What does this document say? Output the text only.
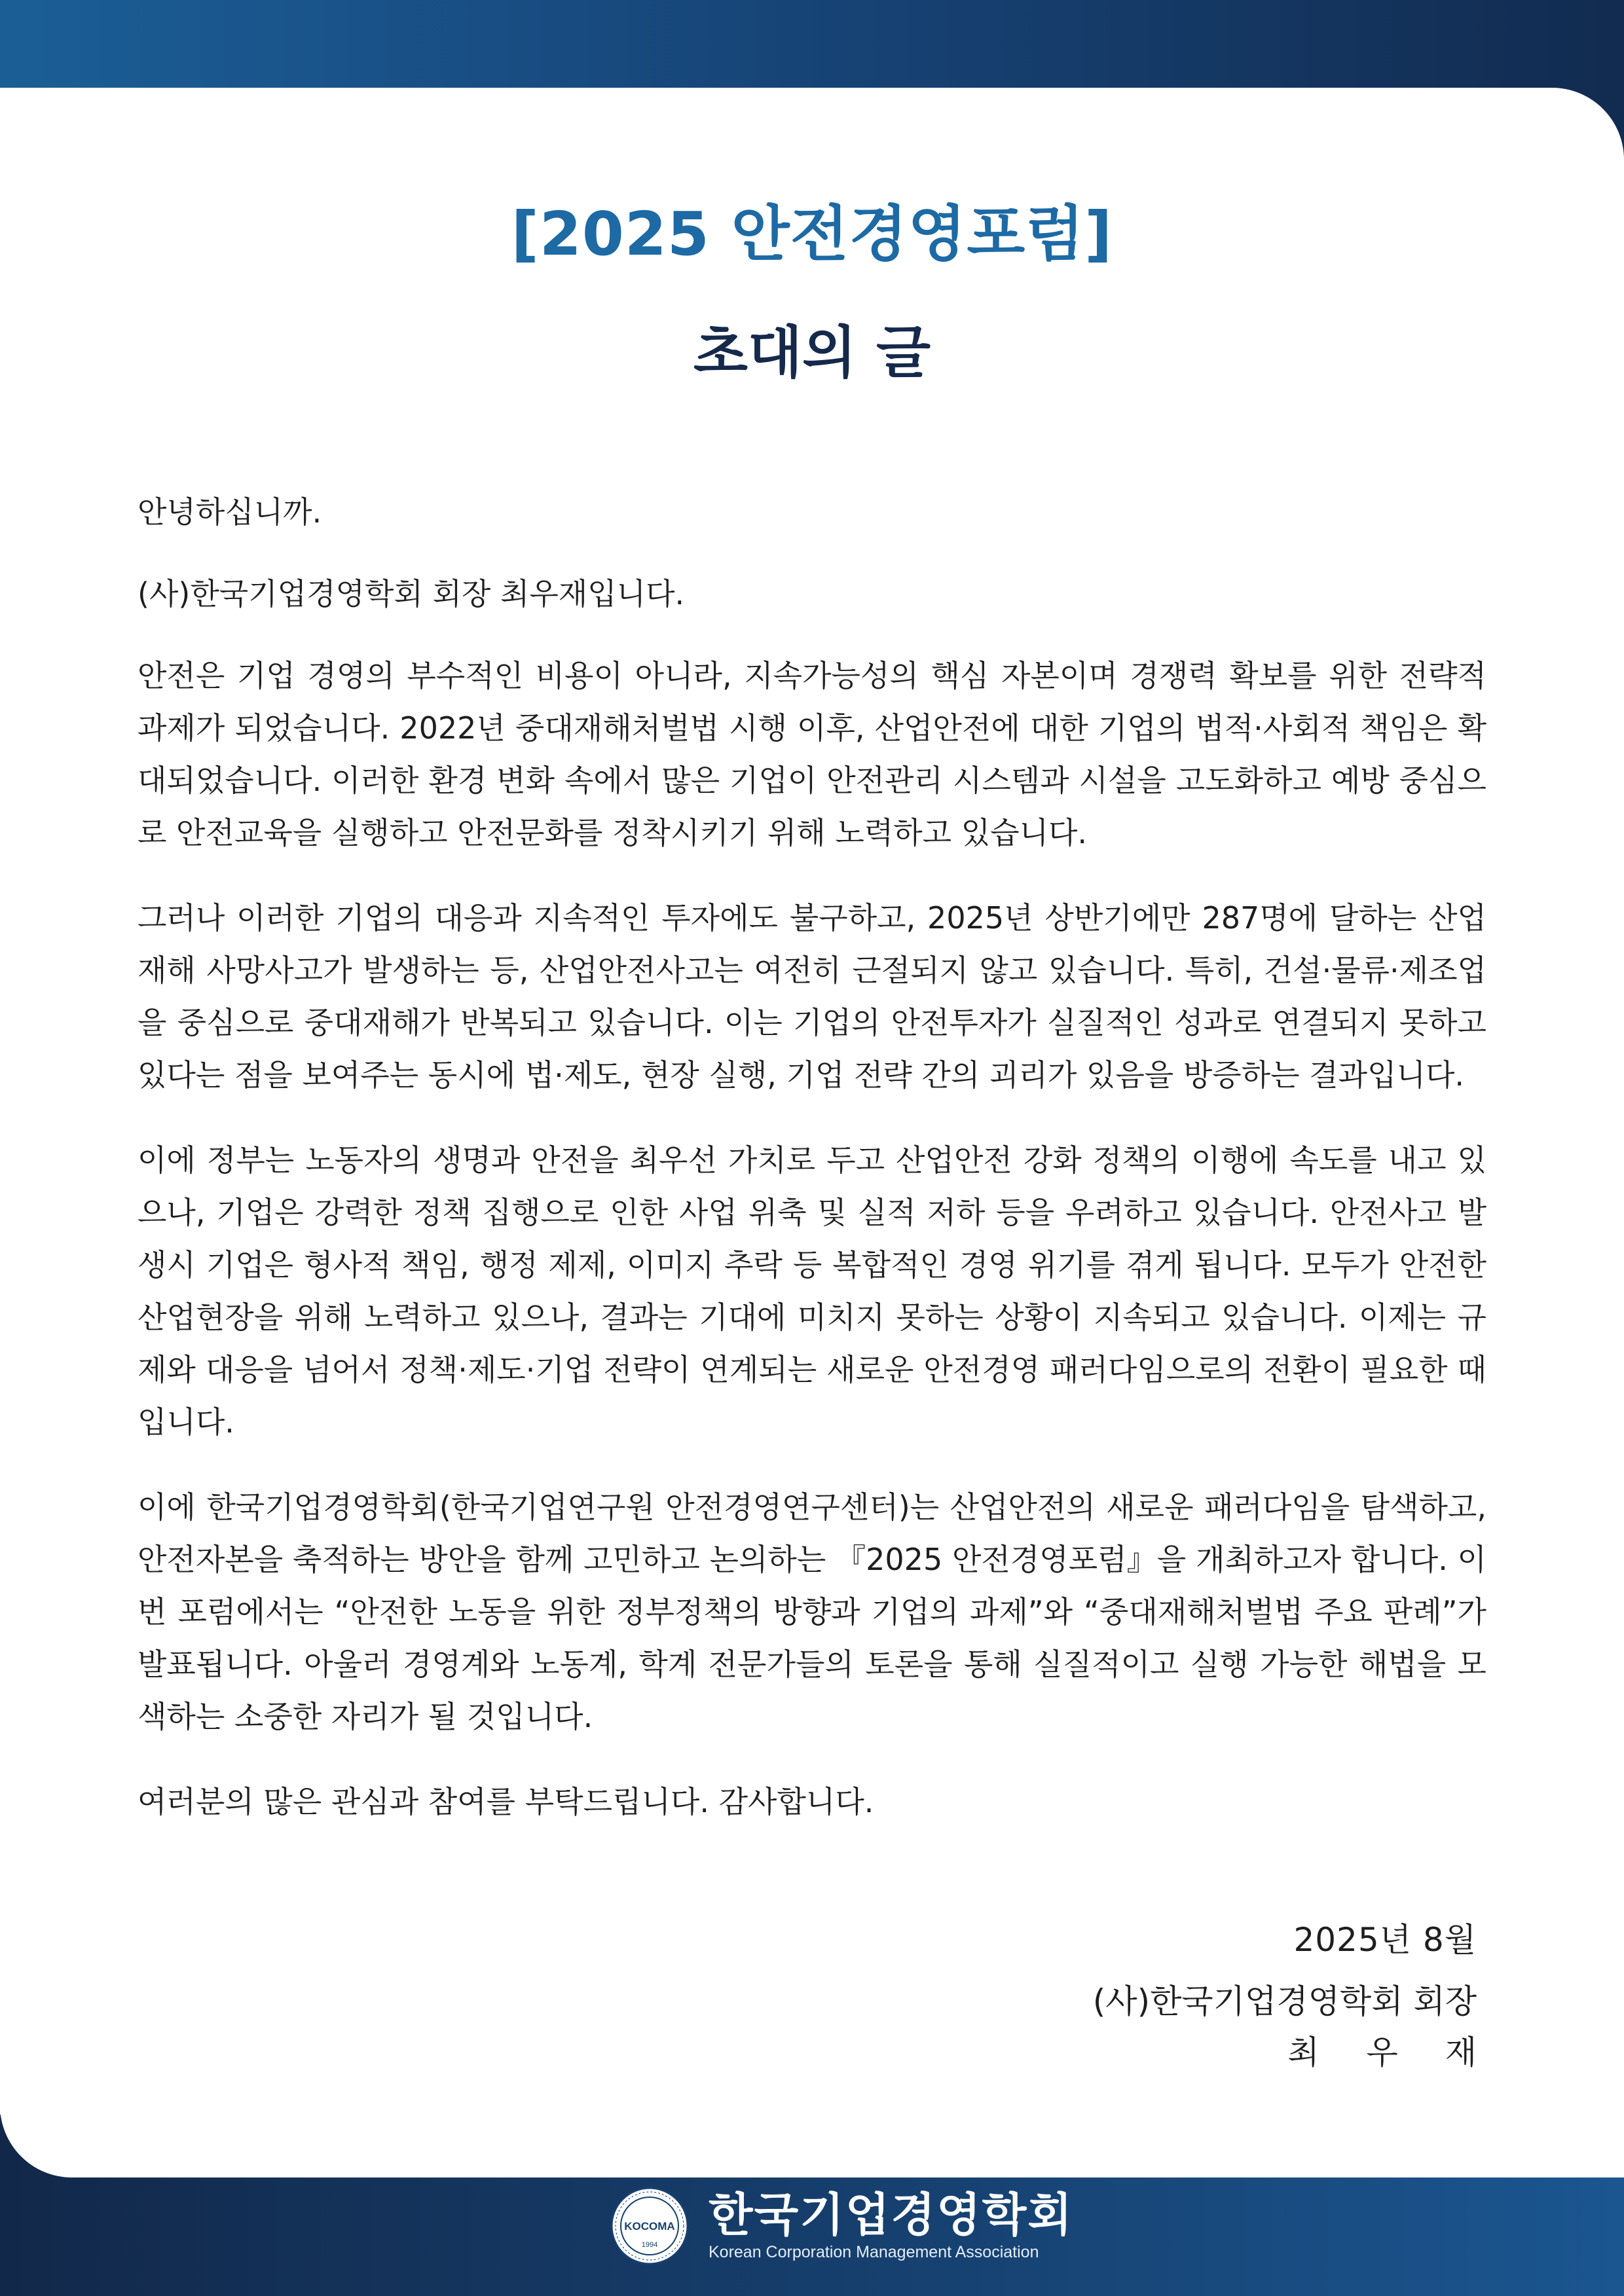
[2025 안전경영포럼]
초대의 글

안녕하십니까.

(사)한국기업경영학회 회장 최우재입니다.

안전은 기업 경영의 부수적인 비용이 아니라, 지속가능성의 핵심 자본이며 경쟁력 확보를 위한 전략적 과제가 되었습니다. 2022년 중대재해처벌법 시행 이후, 산업안전에 대한 기업의 법적·사회적 책임은 확대되었습니다. 이러한 환경 변화 속에서 많은 기업이 안전관리 시스템과 시설을 고도화하고 예방 중심으로 안전교육을 실행하고 안전문화를 정착시키기 위해 노력하고 있습니다.

그러나 이러한 기업의 대응과 지속적인 투자에도 불구하고, 2025년 상반기에만 287명에 달하는 산업재해 사망사고가 발생하는 등, 산업안전사고는 여전히 근절되지 않고 있습니다. 특히, 건설·물류·제조업을 중심으로 중대재해가 반복되고 있습니다. 이는 기업의 안전투자가 실질적인 성과로 연결되지 못하고 있다는 점을 보여주는 동시에 법·제도, 현장 실행, 기업 전략 간의 괴리가 있음을 방증하는 결과입니다.

이에 정부는 노동자의 생명과 안전을 최우선 가치로 두고 산업안전 강화 정책의 이행에 속도를 내고 있으나, 기업은 강력한 정책 집행으로 인한 사업 위축 및 실적 저하 등을 우려하고 있습니다. 안전사고 발생시 기업은 형사적 책임, 행정 제제, 이미지 추락 등 복합적인 경영 위기를 겪게 됩니다. 모두가 안전한 산업현장을 위해 노력하고 있으나, 결과는 기대에 미치지 못하는 상황이 지속되고 있습니다. 이제는 규제와 대응을 넘어서 정책·제도·기업 전략이 연계되는 새로운 안전경영 패러다임으로의 전환이 필요한 때입니다.

이에 한국기업경영학회(한국기업연구원 안전경영연구센터)는 산업안전의 새로운 패러다임을 탐색하고, 안전자본을 축적하는 방안을 함께 고민하고 논의하는 『2025 안전경영포럼』을 개최하고자 합니다. 이번 포럼에서는 “안전한 노동을 위한 정부정책의 방향과 기업의 과제”와 “중대재해처벌법 주요 판례”가 발표됩니다. 아울러 경영계와 노동계, 학계 전문가들의 토론을 통해 실질적이고 실행 가능한 해법을 모색하는 소중한 자리가 될 것입니다.

여러분의 많은 관심과 참여를 부탁드립니다. 감사합니다.

2025년 8월
(사)한국기업경영학회 회장
최 우 재
KOCOMA
1994
한국기업경영학회
Korean Corporation Management Association
